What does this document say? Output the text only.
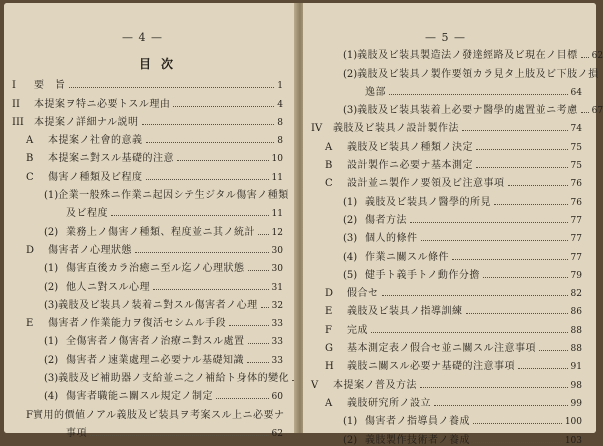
— 4 —
目次
I	要　旨	1
II	本提案ヲ特ニ必要トスル理由	4
III	本提案ノ詳細ナル説明	8
A	本提案ノ社會的意義	8
B	本提案ニ對スル基礎的注意	10
C	傷害ノ種類及ビ程度	11
(1) 企業一般殊ニ作業ニ起因シテ生ジタル傷害ノ種類
及ビ程度	11
(2) 業務上ノ傷害ノ種類、程度並ニ其ノ統計 12
D	傷害者ノ心理狀態	30
(1) 傷害直後カラ治癒ニ至ル迄ノ心理狀態	30
(2) 他人ニ對スル心理	31
(3) 義肢及ビ装具ノ装着ニ對スル傷害者ノ心理 32
E	傷害者ノ作業能力ヲ復活セシムル手段	33
(1) 全傷害者ノ傷害者ノ治療ニ對スル處置	33
(2) 傷害者ノ速業處理ニ必要ナル基礎知識	33
(3) 義肢及ビ補助器ノ支給並ニ之ノ補給ト身体的變化
(4) 傷害者職能ニ關スル規定ノ制定	60
F 實用的價値ノアル義肢及ビ装具ヲ考案スル上ニ必要ナ
事項	62
— 5 —
(1) 義肢及ビ装具製造法ノ發達經路及ビ現在ノ目標 62
(2) 義肢及ビ装具ノ製作要領カラ見タ上肢及ビ下肢ノ損
逸部	64
(3) 義肢及ビ装具装着上必要ナ醫學的處置並ニ考慮 67
IV	義肢及ビ装具ノ設計製作法	74
A	義肢及ビ装具ノ種類ノ決定	75
B	設計製作ニ必要ナ基本測定	75
C	設計並ニ製作ノ要領及ビ注意事項	76
(1) 義肢及ビ装具ノ醫學的所見	76
(2) 傷者方法	77
(3) 個人的條件	77
(4) 作業ニ關スル條件	77
(5) 健手ト義手トノ動作分擔	79
D	假合セ	82
E	義肢及ビ装具ノ指導訓練	86
F	完成	88
G	基本測定表ノ假合セ並ニ關スル注意事項	88
H	義肢ニ關スル必要ナ基礎的注意事項	91
V	本提案ノ普及方法	98
A	義肢研究所ノ設立	99
(1) 傷害者ノ指導員ノ養成	100
(2) 義肢製作技術者ノ養成	103
